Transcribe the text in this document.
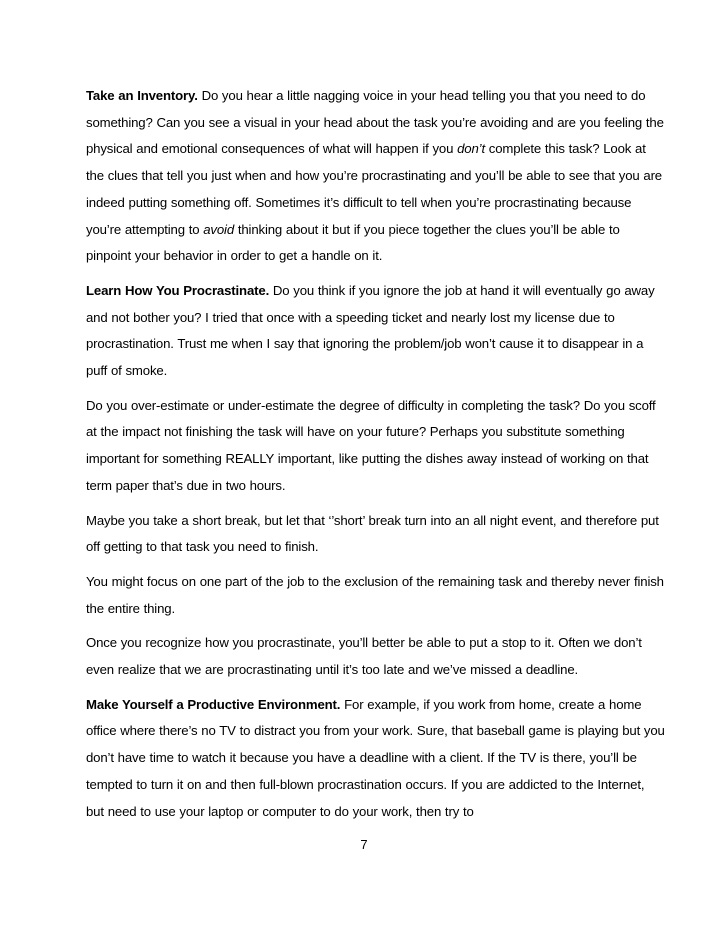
Take an Inventory. Do you hear a little nagging voice in your head telling you that you need to do something? Can you see a visual in your head about the task you’re avoiding and are you feeling the physical and emotional consequences of what will happen if you don’t complete this task? Look at the clues that tell you just when and how you’re procrastinating and you’ll be able to see that you are indeed putting something off. Sometimes it’s difficult to tell when you’re procrastinating because you’re attempting to avoid thinking about it but if you piece together the clues you’ll be able to pinpoint your behavior in order to get a handle on it.

Learn How You Procrastinate. Do you think if you ignore the job at hand it will eventually go away and not bother you? I tried that once with a speeding ticket and nearly lost my license due to procrastination. Trust me when I say that ignoring the problem/job won’t cause it to disappear in a puff of smoke.

Do you over-estimate or under-estimate the degree of difficulty in completing the task? Do you scoff at the impact not finishing the task will have on your future? Perhaps you substitute something important for something REALLY important, like putting the dishes away instead of working on that term paper that’s due in two hours.

Maybe you take a short break, but let that ‘’short’ break turn into an all night event, and therefore put off getting to that task you need to finish.

You might focus on one part of the job to the exclusion of the remaining task and thereby never finish the entire thing.

Once you recognize how you procrastinate, you’ll better be able to put a stop to it. Often we don’t even realize that we are procrastinating until it’s too late and we’ve missed a deadline.

Make Yourself a Productive Environment. For example, if you work from home, create a home office where there’s no TV to distract you from your work. Sure, that baseball game is playing but you don’t have time to watch it because you have a deadline with a client. If the TV is there, you’ll be tempted to turn it on and then full-blown procrastination occurs. If you are addicted to the Internet, but need to use your laptop or computer to do your work, then try to

7
